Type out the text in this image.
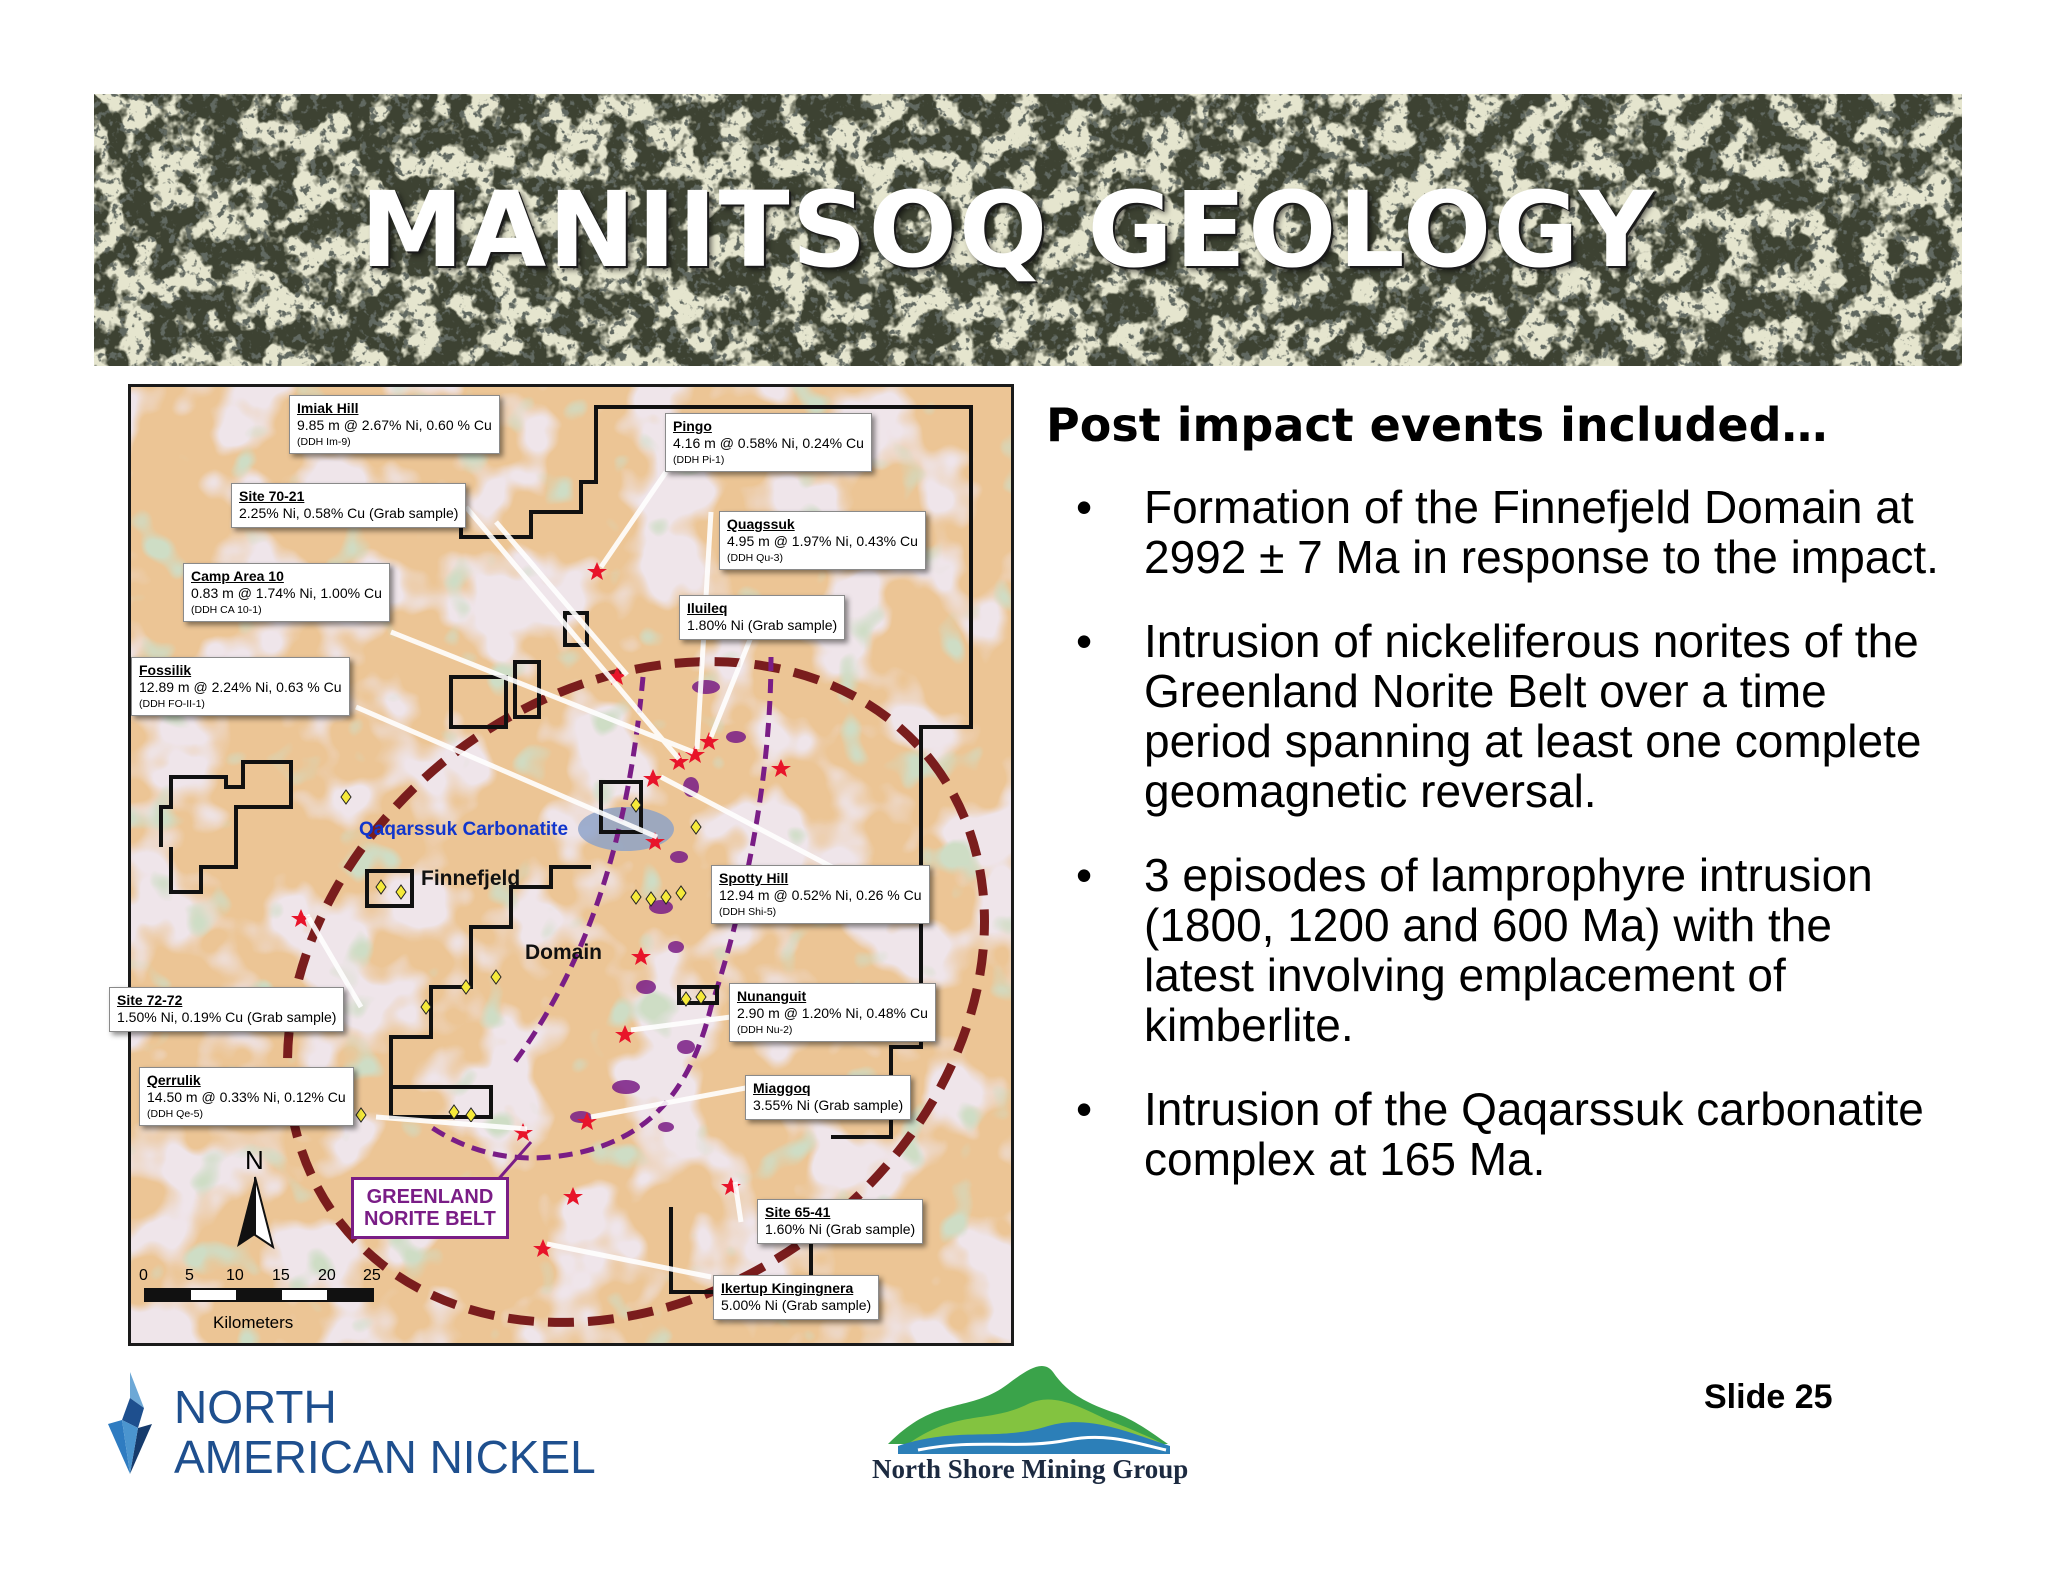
MANIITSOQ GEOLOGY
Imiak Hill
9.85 m @ 2.67% Ni, 0.60 % Cu
(DDH Im-9)
Site 70-21
2.25% Ni, 0.58% Cu (Grab sample)
Camp Area 10
0.83 m @ 1.74% Ni, 1.00% Cu
(DDH CA 10-1)
Fossilik
12.89 m @ 2.24% Ni, 0.63 % Cu
(DDH FO-II-1)
Pingo
4.16 m @ 0.58% Ni, 0.24% Cu
(DDH Pi-1)
Quagssuk
4.95 m @ 1.97% Ni, 0.43% Cu
(DDH Qu-3)
Iluileq
1.80% Ni (Grab sample)
Spotty Hill
12.94 m @ 0.52% Ni, 0.26 % Cu
(DDH Shi-5)
Site 72-72
1.50% Ni, 0.19% Cu (Grab sample)
Nunanguit
2.90 m @ 1.20% Ni, 0.48% Cu
(DDH Nu-2)
Qerrulik
14.50 m @ 0.33% Ni, 0.12% Cu
(DDH Qe-5)
Miaggoq
3.55% Ni (Grab sample)
Site 65-41
1.60% Ni (Grab sample)
Ikertup Kingingnera
5.00% Ni (Grab sample)
Qaqarssuk Carbonatite
Finnefjeld
Domain
GREENLAND
NORITE BELT
N
0 5 10 15 20 25
Kilometers
Post impact events included…
• Formation of the Finnefjeld Domain at 2992 ± 7 Ma in response to the impact.
• Intrusion of nickeliferous norites of the Greenland Norite Belt over a time period spanning at least one complete geomagnetic reversal.
• 3 episodes of lamprophyre intrusion (1800, 1200 and 600 Ma) with the latest involving emplacement of kimberlite.
• Intrusion of the Qaqarssuk carbonatite complex at 165 Ma.
Slide 25
NORTH
AMERICAN NICKEL	North Shore Mining Group
